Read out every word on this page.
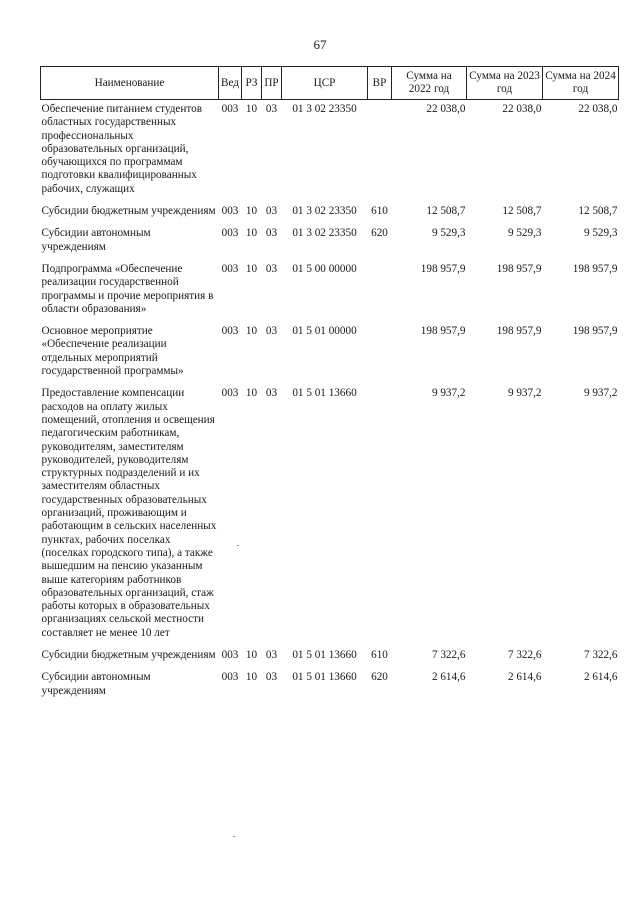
67
Наименование	Вед	РЗ	ПР	ЦСР	ВР	Сумма на 2022 год	Сумма на 2023 год	Сумма на 2024 год
Обеспечение питанием студентов областных государственных профессиональных образовательных организаций, обучающихся по программам подготовки квалифицированных рабочих, служащих	003	10	03	01 3 02 23350		22 038,0	22 038,0	22 038,0
Субсидии бюджетным учреждениям	003	10	03	01 3 02 23350	610	12 508,7	12 508,7	12 508,7
Субсидии автономным учреждениям	003	10	03	01 3 02 23350	620	9 529,3	9 529,3	9 529,3
Подпрограмма «Обеспечение реализации государственной программы и прочие мероприятия в области образования»	003	10	03	01 5 00 00000		198 957,9	198 957,9	198 957,9
Основное мероприятие «Обеспечение реализации отдельных мероприятий государственной программы»	003	10	03	01 5 01 00000		198 957,9	198 957,9	198 957,9
Предоставление компенсации расходов на оплату жилых помещений, отопления и освещения педагогическим работникам, руководителям, заместителям руководителей, руководителям структурных подразделений и их заместителям областных государственных образовательных организаций, проживающим и работающим в сельских населенных пунктах, рабочих поселках (поселках городского типа), а также вышедшим на пенсию указанным выше категориям работников образовательных организаций, стаж работы которых в образовательных организациях сельской местности составляет не менее 10 лет	003	10	03	01 5 01 13660		9 937,2	9 937,2	9 937,2
Субсидии бюджетным учреждениям	003	10	03	01 5 01 13660	610	7 322,6	7 322,6	7 322,6
Субсидии автономным учреждениям	003	10	03	01 5 01 13660	620	2 614,6	2 614,6	2 614,6
